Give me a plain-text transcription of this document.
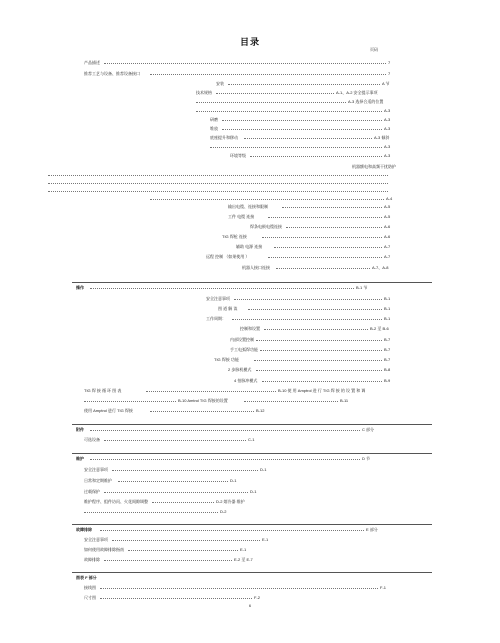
目录
页码
产品描述	7
推荐工艺与设备、推荐设备接口	7
安装	A 节
技术规格	A-1、A-2 安全提示事项
A-3 选择合适的位置
A-3
研磨	A-3
堆放	A-3
底座提升和移动	A-3 倾斜
A-3
环境等级	A-3
机器额电和高频干扰防护
A-4
输出电缆、连接和限制	A-5
工件 电缆 连接	A-5
焊条电极电缆连接	A-6
TIG 焊枪 连接	A-6
辅助 电源 连接	A-7
远程 控制 （如果使用 ）	A-7
机器人接口连接	A-7、A-8
操作	B-1 节
安全注意事项	B-1
图 道 解 读	B-1
工作周期：	B-1
控制和设置	B-2 至 B-6
内部设置控制	B-7
手工电弧焊功能	B-7
TIG 焊接 功能	B-7
2 步脉机模式	B-8
4 拍脉冲模式	B-9
TIG 焊 接 循 环 图 表	B-10 使 用 Amptrol 进 行 TIG 焊 接 的 设 置 和 调
B-10 Amtrol TIG 焊接的设置	B-11
使用 Amptrol 进行 TIG 焊接	B-12
附件	C 部分
可选设备	C-1
维护	D 节
安全注意事项	D-1
日常和定期维护	D-1
过载保护	D-1
维护程序、组件访问、火花间隙调整	D-2 熔冷器 维护
D-2
故障排除	E 部分
安全注意事项	E-1
如何使用故障排除指南	E-1
故障排除	E-2 至 E-7
图表 F 部分
接线图	F-1
尺寸图	F-2
6
